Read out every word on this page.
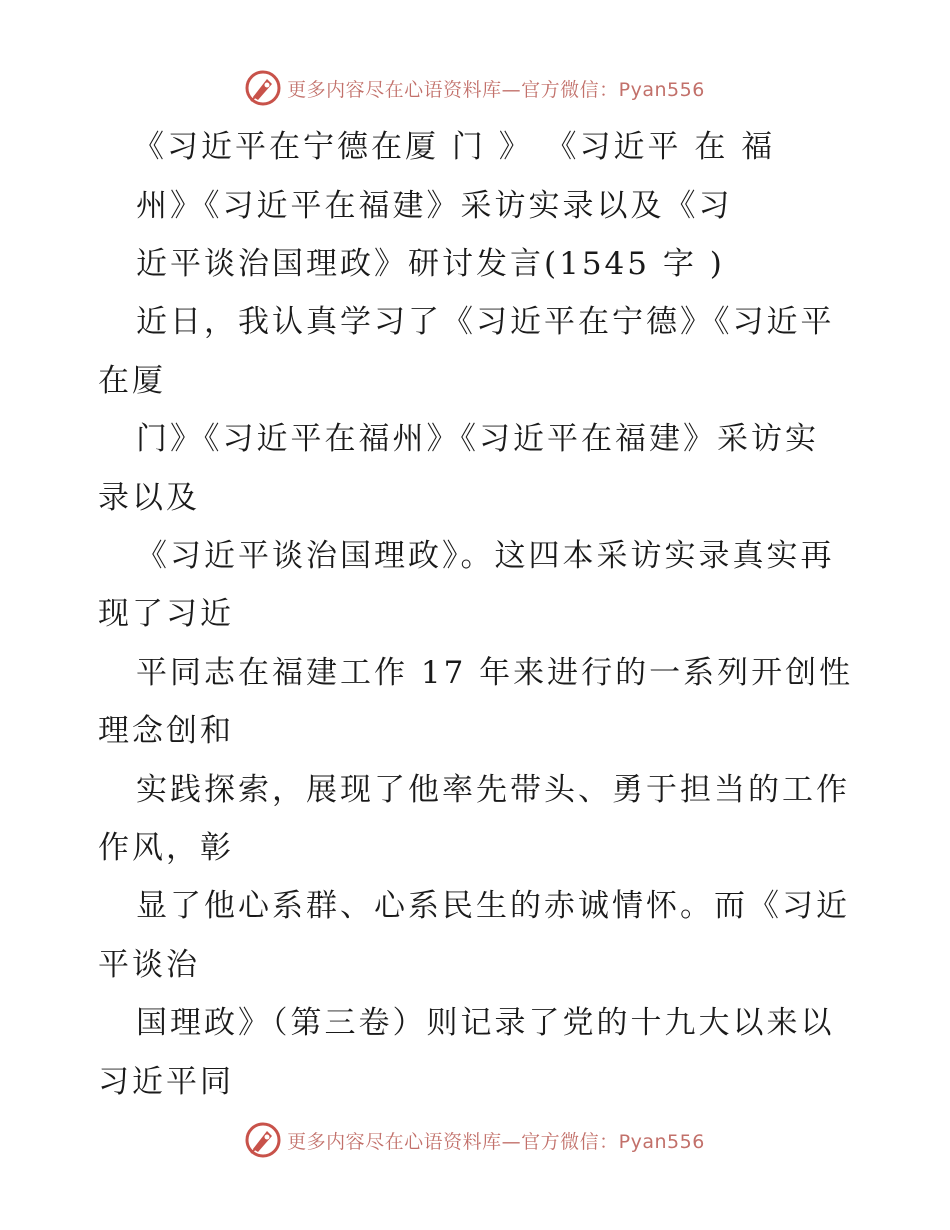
更多内容尽在心语资料库—官方微信：Pyan556
《习近平在宁德在厦 门 》 《习近平 在 福
州》《习近平在福建》采访实录以及《习
近平谈治国理政》研讨发言(1545 字 )
近日，我认真学习了《习近平在宁德》《习近平
在厦
门》《习近平在福州》《习近平在福建》采访实
录以及
《习近平谈治国理政》。这四本采访实录真实再
现了习近
平同志在福建工作 17 年来进行的一系列开创性
理念创和
实践探索，展现了他率先带头、勇于担当的工作
作风，彰
显了他心系群、心系民生的赤诚情怀。而《习近
平谈治
国理政》（第三卷）则记录了党的十九大以来以
习近平同
更多内容尽在心语资料库—官方微信：Pyan556
